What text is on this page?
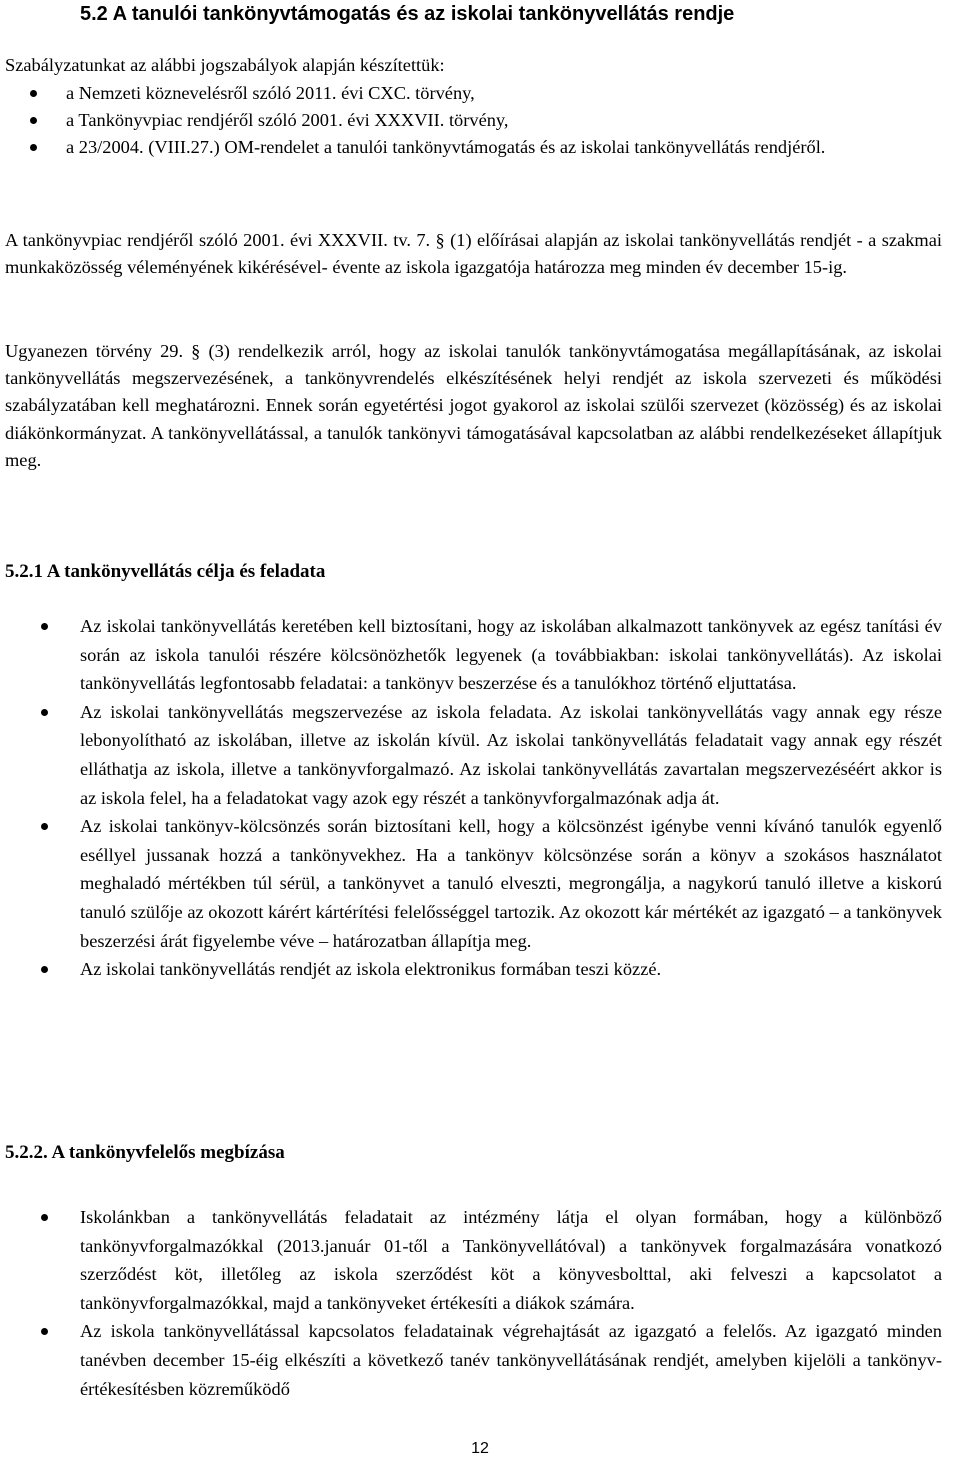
5.2 A tanulói tankönyvtámogatás és az iskolai tankönyvellátás rendje

Szabályzatunkat az alábbi jogszabályok alapján készítettük:

a Nemzeti köznevelésről szóló 2011. évi CXC. törvény,
a Tankönyvpiac rendjéről szóló 2001. évi XXXVII. törvény,
a 23/2004. (VIII.27.) OM-rendelet a tanulói tankönyvtámogatás és az iskolai tankönyvellátás rendjéről.

A tankönyvpiac rendjéről szóló 2001. évi XXXVII. tv. 7. § (1) előírásai alapján az iskolai tankönyvellátás rendjét - a szakmai munkaközösség véleményének kikérésével- évente az iskola igazgatója határozza meg minden év december 15-ig.

Ugyanezen törvény 29. § (3) rendelkezik arról, hogy az iskolai tanulók tankönyvtámogatása megállapításának, az iskolai tankönyvellátás megszervezésének, a tankönyvrendelés elkészítésének helyi rendjét az iskola szervezeti és működési szabályzatában kell meghatározni. Ennek során egyetértési jogot gyakorol az iskolai szülői szervezet (közösség) és az iskolai diákönkormányzat. A tankönyvellátással, a tanulók tankönyvi támogatásával kapcsolatban az alábbi rendelkezéseket állapítjuk meg.

5.2.1 A tankönyvellátás célja és feladata
Az iskolai tankönyvellátás keretében kell biztosítani, hogy az iskolában alkalmazott tankönyvek az egész tanítási év során az iskola tanulói részére kölcsönözhetők legyenek (a továbbiakban: iskolai tankönyvellátás). Az iskolai tankönyvellátás legfontosabb feladatai: a tankönyv beszerzése és a tanulókhoz történő eljuttatása.
Az iskolai tankönyvellátás megszervezése az iskola feladata. Az iskolai tankönyvellátás vagy annak egy része lebonyolítható az iskolában, illetve az iskolán kívül. Az iskolai tankönyvellátás feladatait vagy annak egy részét elláthatja az iskola, illetve a tankönyvforgalmazó. Az iskolai tankönyvellátás zavartalan megszervezéséért akkor is az iskola felel, ha a feladatokat vagy azok egy részét a tankönyvforgalmazónak adja át.
Az iskolai tankönyv-kölcsönzés során biztosítani kell, hogy a kölcsönzést igénybe venni kívánó tanulók egyenlő eséllyel jussanak hozzá a tankönyvekhez. Ha a tankönyv kölcsönzése során a könyv a szokásos használatot meghaladó mértékben túl sérül, a tankönyvet a tanuló elveszti, megrongálja, a nagykorú tanuló illetve a kiskorú tanuló szülője az okozott kárért kártérítési felelősséggel tartozik. Az okozott kár mértékét az igazgató – a tankönyvek beszerzési árát figyelembe véve – határozatban állapítja meg.
Az iskolai tankönyvellátás rendjét az iskola elektronikus formában teszi közzé.
5.2.2. A tankönyvfelelős megbízása
Iskolánkban a tankönyvellátás feladatait az intézmény látja el olyan formában, hogy a különböző tankönyvforgalmazókkal (2013.január 01-től a Tankönyvellátóval) a tankönyvek forgalmazására vonatkozó szerződést köt, illetőleg az iskola szerződést köt a könyvesbolttal, aki felveszi a kapcsolatot a tankönyvforgalmazókkal, majd a tankönyveket értékesíti a diákok számára.
Az iskola tankönyvellátással kapcsolatos feladatainak végrehajtását az igazgató a felelős. Az igazgató minden tanévben december 15-éig elkészíti a következő tanév tankönyvellátásának rendjét, amelyben kijelöli a tankönyv-értékesítésben közreműködő
12
